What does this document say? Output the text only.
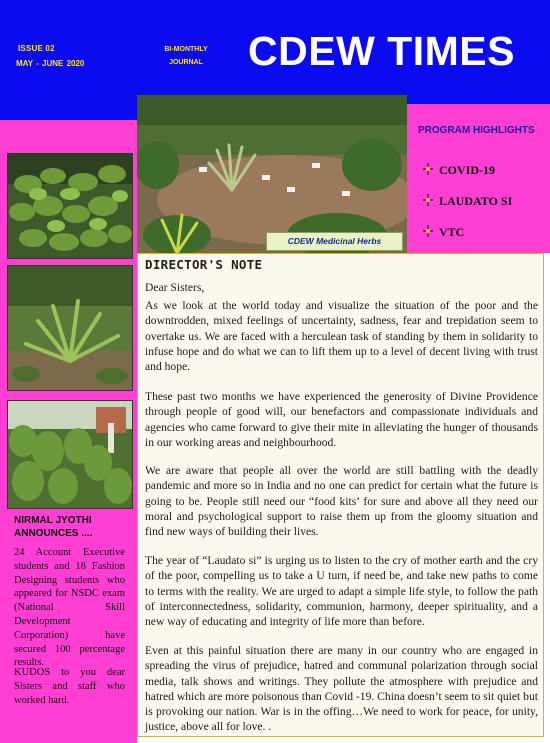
ISSUE 02
MAY - JUNE 2020
BI-MONTHLY
JOURNAL CDEW TIMES
NIRMAL JYOTHI
ANNOUNCES ....
24 Account Executive students and 18 Fashion Designing students who appeared for NSDC exam (National Skill Development Corporation) have secured 100 percentage results.
KUDOS to you dear Sisters and staff who worked hard.
CDEW Medicinal Herbs
PROGRAM HIGHLIGHTS
COVID-19
LAUDATO SI
VTC
DIRECTOR'S NOTE
Dear Sisters,
As we look at the world today and visualize the situation of the poor and the downtrodden, mixed feelings of uncertainty, sadness, fear and trepidation seem to overtake us. We are faced with a herculean task of standing by them in solidarity to infuse hope and do what we can to lift them up to a level of decent living with trust and hope.
These past two months we have experienced the generosity of Divine Providence through people of good will, our benefactors and compassionate individuals and agencies who came forward to give their mite in alleviating the hunger of thousands in our working areas and neighbourhood.
We are aware that people all over the world are still battling with the deadly pandemic and more so in India and no one can predict for certain what the future is going to be. People still need our “food kits’ for sure and above all they need our moral and psychological support to raise them up from the gloomy situation and find new ways of building their lives.
The year of “Laudato si” is urging us to listen to the cry of mother earth and the cry of the poor, compelling us to take a U turn, if need be, and take new paths to come to terms with the reality. We are urged to adapt a simple life style, to follow the path of interconnectedness, solidarity, communion, harmony, deeper spirituality, and a new way of educating and integrity of life more than before.
Even at this painful situation there are many in our country who are engaged in spreading the virus of prejudice, hatred and communal polarization through social media, talk shows and writings. They pollute the atmosphere with prejudice and hatred which are more poisonous than Covid -19. China doesn’t seem to sit quiet but is provoking our nation. War is in the offing…We need to work for peace, for unity, justice, above all for love. .
